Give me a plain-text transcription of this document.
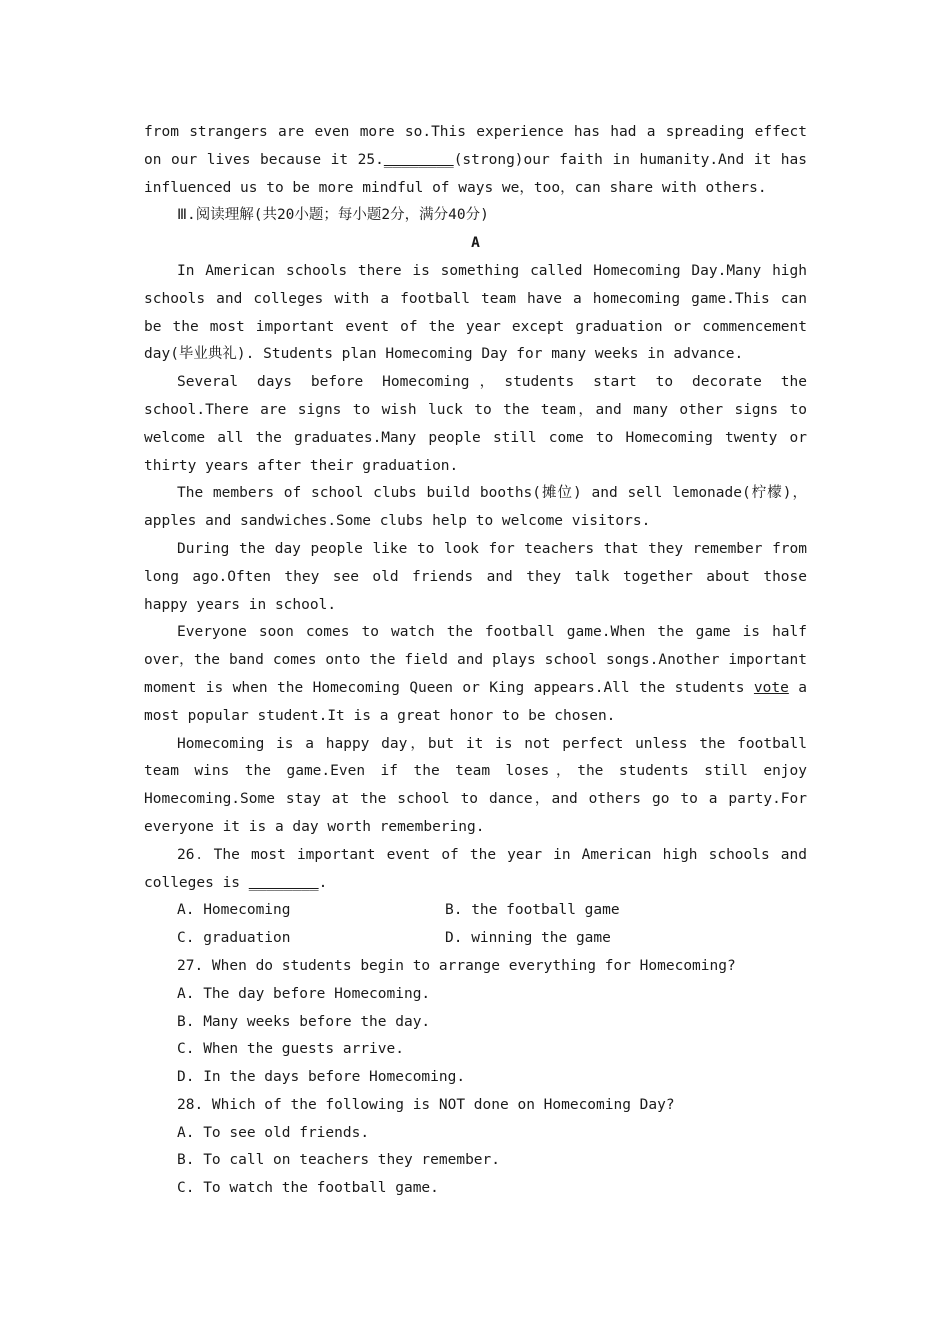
from strangers are even more so.This experience has had a spreading effect on our lives because it 25.________(strong)our faith in humanity.And it has influenced us to be more mindful of ways we，too，can share with others.

Ⅲ.阅读理解(共20小题；每小题2分，满分40分)

A

In American schools there is something called Homecoming Day.Many high schools and colleges with a football team have a homecoming game.This can be the most important event of the year except graduation or commencement day(毕业典礼). Students plan Homecoming Day for many weeks in advance.

Several days before Homecoming，students start to decorate the school.There are signs to wish luck to the team，and many other signs to welcome all the graduates.Many people still come to Homecoming twenty or thirty years after their graduation.

The members of school clubs build booths(摊位) and sell lemonade(柠檬)，apples and sandwiches.Some clubs help to welcome visitors.

During the day people like to look for teachers that they remember from long ago.Often they see old friends and they talk together about those happy years in school.

Everyone soon comes to watch the football game.When the game is half over，the band comes onto the field and plays school songs.Another important moment is when the Homecoming Queen or King appears.All the students vote a most popular student.It is a great honor to be chosen.

Homecoming is a happy day，but it is not perfect unless the football team wins the game.Even if the team loses，the students still enjoy Homecoming.Some stay at the school to dance，and others go to a party.For everyone it is a day worth remembering.

26．The most important event of the year in American high schools and colleges is ________.

A. Homecoming	B. the football game
C. graduation	D. winning the game

27. When do students begin to arrange everything for Homecoming?

A. The day before Homecoming.

B. Many weeks before the day.

C. When the guests arrive.

D. In the days before Homecoming.

28. Which of the following is NOT done on Homecoming Day?

A. To see old friends.

B. To call on teachers they remember.

C. To watch the football game.
